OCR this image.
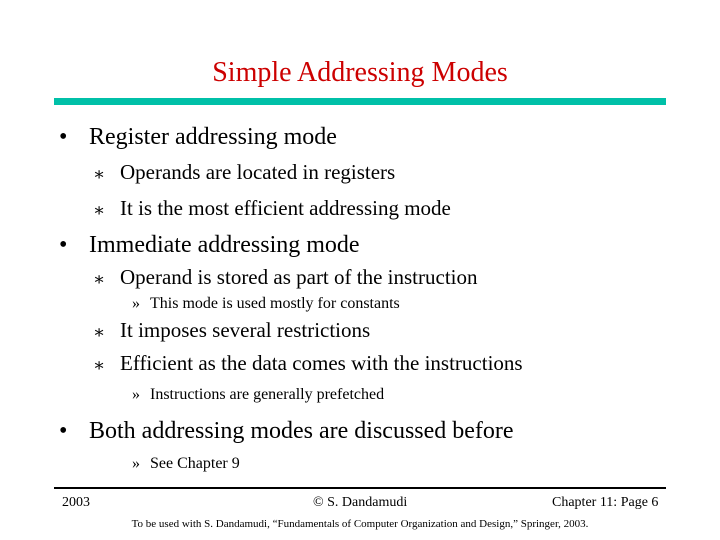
Simple Addressing Modes
• Register addressing mode
∗ Operands are located in registers
∗ It is the most efficient addressing mode
• Immediate addressing mode
∗ Operand is stored as part of the instruction
» This mode is used mostly for constants
∗ It imposes several restrictions
∗ Efficient as the data comes with the instructions
» Instructions are generally prefetched
• Both addressing modes are discussed before
» See Chapter 9
2003	© S. Dandamudi	Chapter 11: Page 6
To be used with S. Dandamudi, “Fundamentals of Computer Organization and Design,” Springer, 2003.
